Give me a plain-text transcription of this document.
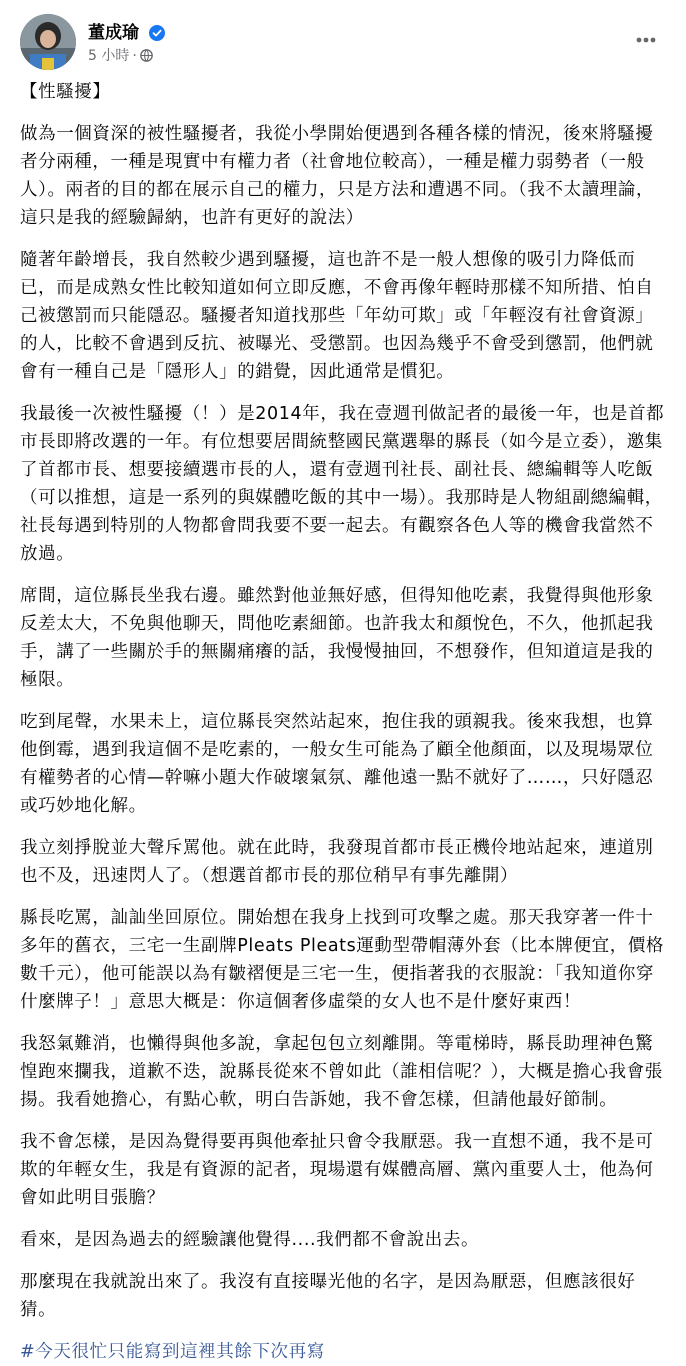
董成瑜
5 小時 ·

【性騷擾】

做為一個資深的被性騷擾者，我從小學開始便遇到各種各樣的情況，後來將騷擾者分兩種，一種是現實中有權力者（社會地位較高），一種是權力弱勢者（一般人）。兩者的目的都在展示自己的權力，只是方法和遭遇不同。（我不太讀理論，這只是我的經驗歸納，也許有更好的說法）

隨著年齡增長，我自然較少遇到騷擾，這也許不是一般人想像的吸引力降低而已，而是成熟女性比較知道如何立即反應，不會再像年輕時那樣不知所措、怕自己被懲罰而只能隱忍。騷擾者知道找那些「年幼可欺」或「年輕沒有社會資源」的人，比較不會遇到反抗、被曝光、受懲罰。也因為幾乎不會受到懲罰，他們就會有一種自己是「隱形人」的錯覺，因此通常是慣犯。

我最後一次被性騷擾（！）是2014年，我在壹週刊做記者的最後一年，也是首都市長即將改選的一年。有位想要居間統整國民黨選舉的縣長（如今是立委），邀集了首都市長、想要接續選市長的人，還有壹週刊社長、副社長、總編輯等人吃飯（可以推想，這是一系列的與媒體吃飯的其中一場）。我那時是人物組副總編輯，社長每遇到特別的人物都會問我要不要一起去。有觀察各色人等的機會我當然不放過。

席間，這位縣長坐我右邊。雖然對他並無好感，但得知他吃素，我覺得與他形象反差太大，不免與他聊天，問他吃素細節。也許我太和顏悅色，不久，他抓起我手，講了一些關於手的無關痛癢的話，我慢慢抽回，不想發作，但知道這是我的極限。

吃到尾聲，水果未上，這位縣長突然站起來，抱住我的頭親我。後來我想，也算他倒霉，遇到我這個不是吃素的，一般女生可能為了顧全他顏面，以及現場眾位有權勢者的心情—幹嘛小題大作破壞氣氛、離他遠一點不就好了……，只好隱忍或巧妙地化解。

我立刻掙脫並大聲斥罵他。就在此時，我發現首都市長正機伶地站起來，連道別也不及，迅速閃人了。（想選首都市長的那位稍早有事先離開）

縣長吃罵，訕訕坐回原位。開始想在我身上找到可攻擊之處。那天我穿著一件十多年的舊衣，三宅一生副牌Pleats Pleats運動型帶帽薄外套（比本牌便宜，價格數千元），他可能誤以為有皺褶便是三宅一生，便指著我的衣服說：「我知道你穿什麼牌子！」意思大概是：你這個奢侈虛榮的女人也不是什麼好東西！

我怒氣難消，也懶得與他多說，拿起包包立刻離開。等電梯時，縣長助理神色驚惶跑來攔我，道歉不迭，說縣長從來不曾如此（誰相信呢？），大概是擔心我會張揚。我看她擔心，有點心軟，明白告訴她，我不會怎樣，但請他最好節制。

我不會怎樣，是因為覺得要再與他牽扯只會令我厭惡。我一直想不通，我不是可欺的年輕女生，我是有資源的記者，現場還有媒體高層、黨內重要人士，他為何會如此明目張膽？

看來，是因為過去的經驗讓他覺得....我們都不會說出去。

那麼現在我就說出來了。我沒有直接曝光他的名字，是因為厭惡，但應該很好猜。

#今天很忙只能寫到這裡其餘下次再寫
